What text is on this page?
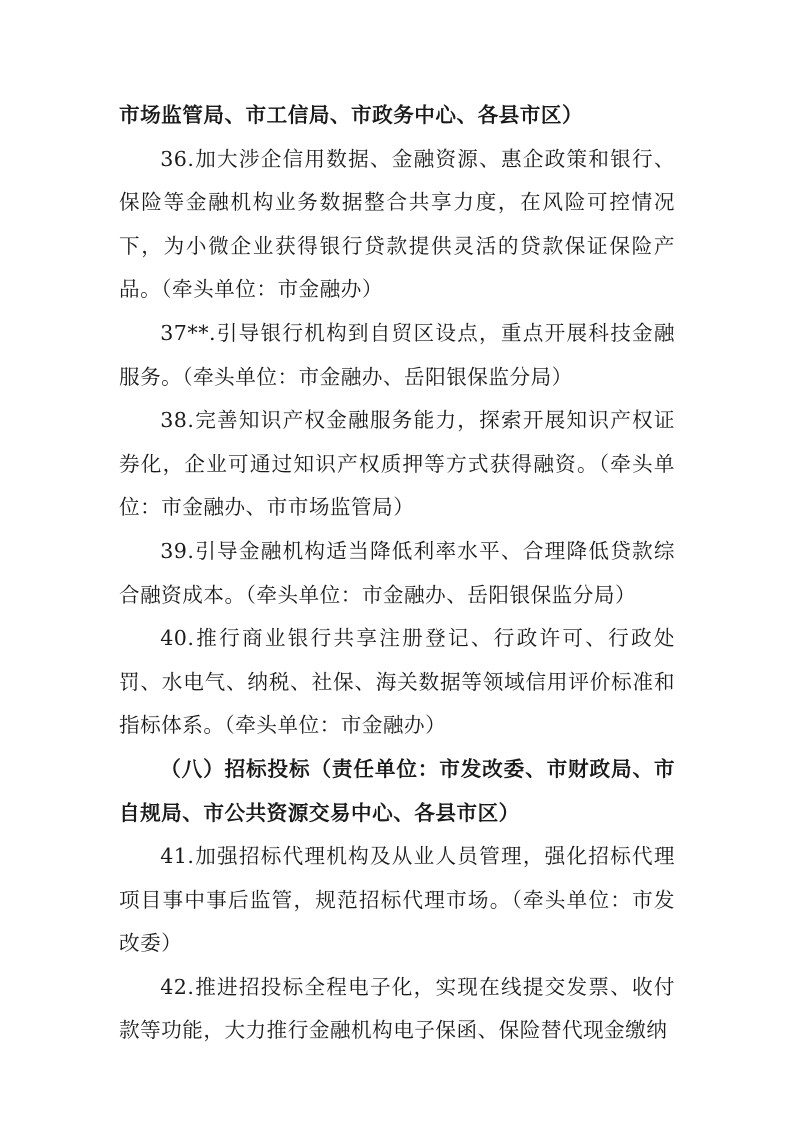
市场监管局、市工信局、市政务中心、各县市区）

36.加大涉企信用数据、金融资源、惠企政策和银行、保险等金融机构业务数据整合共享力度，在风险可控情况下，为小微企业获得银行贷款提供灵活的贷款保证保险产品。（牵头单位：市金融办）

37**.引导银行机构到自贸区设点，重点开展科技金融服务。（牵头单位：市金融办、岳阳银保监分局）

38.完善知识产权金融服务能力，探索开展知识产权证券化，企业可通过知识产权质押等方式获得融资。（牵头单位：市金融办、市市场监管局）

39.引导金融机构适当降低利率水平、合理降低贷款综合融资成本。（牵头单位：市金融办、岳阳银保监分局）

40.推行商业银行共享注册登记、行政许可、行政处罚、水电气、纳税、社保、海关数据等领域信用评价标准和指标体系。（牵头单位：市金融办）

（八）招标投标（责任单位：市发改委、市财政局、市自规局、市公共资源交易中心、各县市区）

41.加强招标代理机构及从业人员管理，强化招标代理项目事中事后监管，规范招标代理市场。（牵头单位：市发改委）

42.推进招投标全程电子化，实现在线提交发票、收付款等功能，大力推行金融机构电子保函、保险替代现金缴纳
